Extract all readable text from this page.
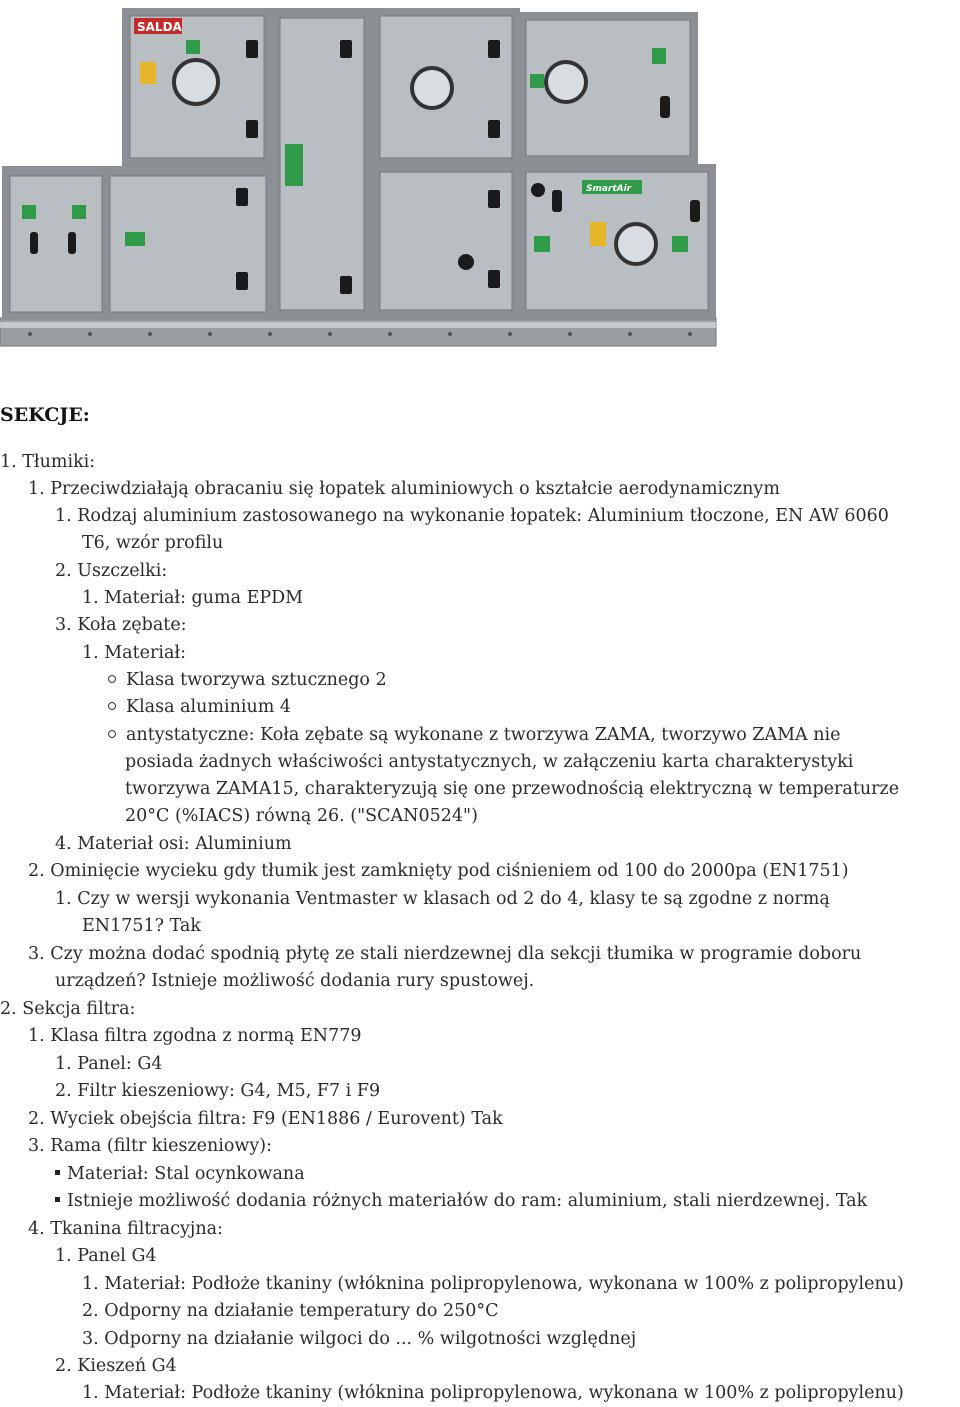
SALDA
SmartAir
SEKCJE:
1. Tłumiki:
1. Przeciwdziałają obracaniu się łopatek aluminiowych o kształcie aerodynamicznym
1. Rodzaj aluminium zastosowanego na wykonanie łopatek: Aluminium tłoczone, EN AW 6060
T6, wzór profilu
2. Uszczelki:
1. Materiał: guma EPDM
3. Koła zębate:
1. Materiał:
Klasa tworzywa sztucznego 2
Klasa aluminium 4
antystatyczne: Koła zębate są wykonane z tworzywa ZAMA, tworzywo ZAMA nie
posiada żadnych właściwości antystatycznych, w załączeniu karta charakterystyki
tworzywa ZAMA15, charakteryzują się one przewodnością elektryczną w temperaturze
20°C (%IACS) równą 26. ("SCAN0524")
4. Materiał osi: Aluminium
2. Ominięcie wycieku gdy tłumik jest zamknięty pod ciśnieniem od 100 do 2000pa (EN1751)
1. Czy w wersji wykonania Ventmaster w klasach od 2 do 4, klasy te są zgodne z normą
EN1751? Tak
3. Czy można dodać spodnią płytę ze stali nierdzewnej dla sekcji tłumika w programie doboru
urządzeń? Istnieje możliwość dodania rury spustowej.
2. Sekcja filtra:
1. Klasa filtra zgodna z normą EN779
1. Panel: G4
2. Filtr kieszeniowy: G4, M5, F7 i F9
2. Wyciek obejścia filtra: F9 (EN1886 / Eurovent) Tak
3. Rama (filtr kieszeniowy):
Materiał: Stal ocynkowana
Istnieje możliwość dodania różnych materiałów do ram: aluminium, stali nierdzewnej. Tak
4. Tkanina filtracyjna:
1. Panel G4
1. Materiał: Podłoże tkaniny (włóknina polipropylenowa, wykonana w 100% z polipropylenu)
2. Odporny na działanie temperatury do 250°C
3. Odporny na działanie wilgoci do ... % wilgotności względnej
2. Kieszeń G4
1. Materiał: Podłoże tkaniny (włóknina polipropylenowa, wykonana w 100% z polipropylenu)
